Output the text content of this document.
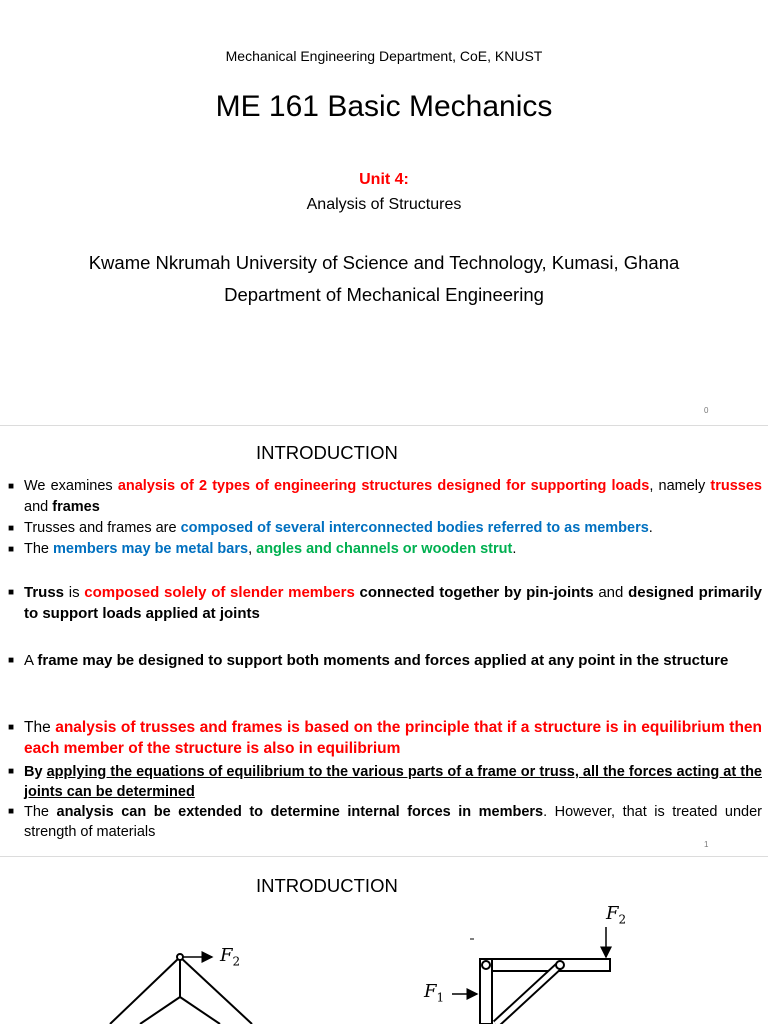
Mechanical Engineering Department, CoE, KNUST
ME 161 Basic Mechanics
Unit 4:
Analysis of Structures
Kwame Nkrumah University of Science and Technology, Kumasi, Ghana
Department of Mechanical Engineering
0
INTRODUCTION
■ We examines analysis of 2 types of engineering structures designed for supporting loads, namely trusses and frames
■ Trusses and frames are composed of several interconnected bodies referred to as members.
■ The members may be metal bars, angles and channels or wooden strut.
■ Truss is composed solely of slender members connected together by pin-joints and designed primarily to support loads applied at joints
■ A frame may be designed to support both moments and forces applied at any point in the structure
■ The analysis of trusses and frames is based on the principle that if a structure is in equilibrium then each member of the structure is also in equilibrium
■ By applying the equations of equilibrium to the various parts of a frame or truss, all the forces acting at the joints can be determined
■ The analysis can be extended to determine internal forces in members. However, that is treated under strength of materials
1
INTRODUCTION
$F_2$
$F_2$
$F_1$
